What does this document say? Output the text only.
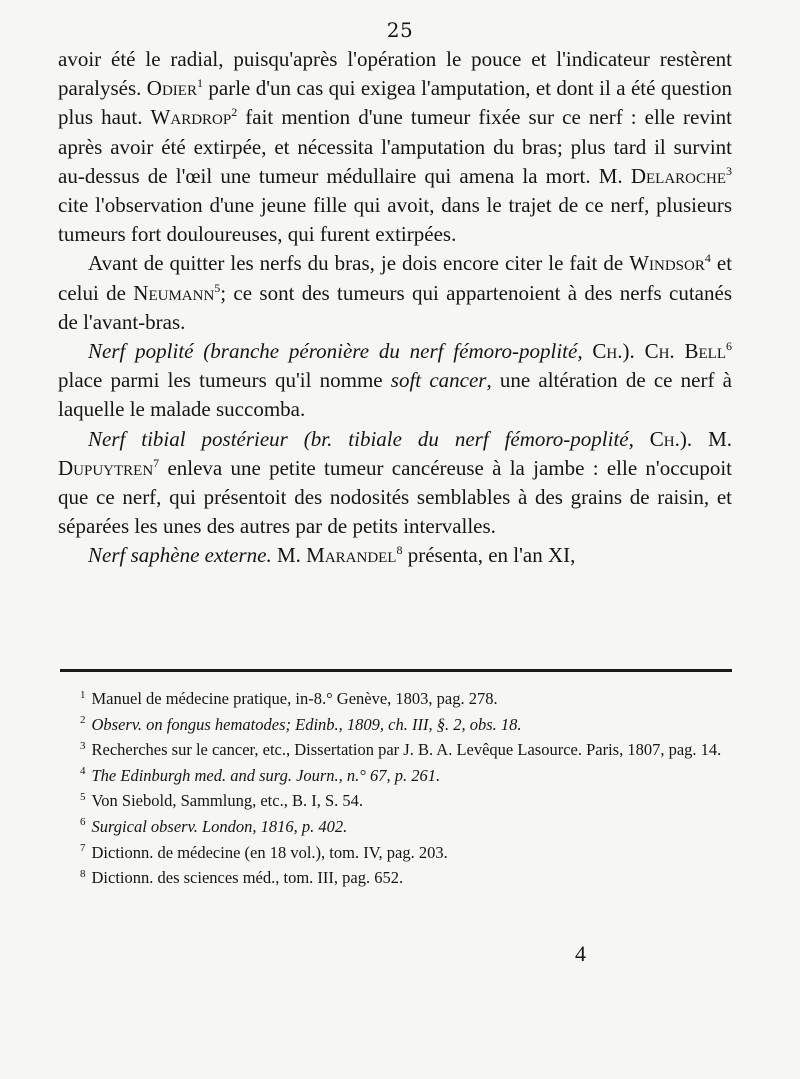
25

avoir été le radial, puisqu'après l'opération le pouce et l'indicateur restèrent paralysés. Odier$^1$ parle d'un cas qui exigea l'amputation, et dont il a été question plus haut. Wardrop$^2$ fait mention d'une tumeur fixée sur ce nerf : elle revint après avoir été extirpée, et nécessita l'amputation du bras; plus tard il survint au-dessus de l'œil une tumeur médullaire qui amena la mort. M. Delaroche$^3$ cite l'observation d'une jeune fille qui avoit, dans le trajet de ce nerf, plusieurs tumeurs fort douloureuses, qui furent extirpées.

Avant de quitter les nerfs du bras, je dois encore citer le fait de Windsor$^4$ et celui de Neumann$^5$; ce sont des tumeurs qui appartenoient à des nerfs cutanés de l'avant-bras.

Nerf poplité (branche péronière du nerf fémoro-poplité, Ch.). Ch. Bell$^6$ place parmi les tumeurs qu'il nomme soft cancer, une altération de ce nerf à laquelle le malade succomba.

Nerf tibial postérieur (br. tibiale du nerf fémoro-poplité, Ch.). M. Dupuytren$^7$ enleva une petite tumeur cancéreuse à la jambe : elle n'occupoit que ce nerf, qui présentoit des nodosités semblables à des grains de raisin, et séparées les unes des autres par de petits intervalles.

Nerf saphène externe. M. Marandel$^8$ présenta, en l'an XI,

$^1$ Manuel de médecine pratique, in-8.° Genève, 1803, pag. 278.

$^2$ Observ. on fongus hematodes; Edinb., 1809, ch. III, §. 2, obs. 18.

$^3$ Recherches sur le cancer, etc., Dissertation par J. B. A. Levêque Lasource. Paris, 1807, pag. 14.

$^4$ The Edinburgh med. and surg. Journ., n.° 67, p. 261.

$^5$ Von Siebold, Sammlung, etc., B. I, S. 54.

$^6$ Surgical observ. London, 1816, p. 402.

$^7$ Dictionn. de médecine (en 18 vol.), tom. IV, pag. 203.

$^8$ Dictionn. des sciences méd., tom. III, pag. 652.

4
